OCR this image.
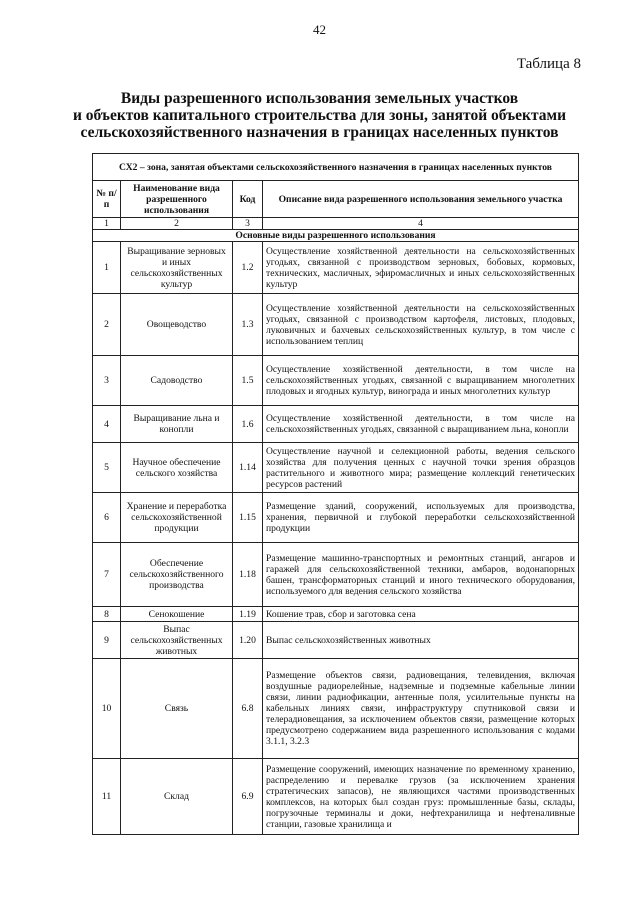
42
Таблица 8
Виды разрешенного использования земельных участков
и объектов капитального строительства для зоны, занятой объектами
сельскохозяйственного назначения в границах населенных пунктов
СХ2 – зона, занятая объектами сельскохозяйственного назначения в границах населенных пунктов			
№ п/п	Наименование вида разрешенного использования	Код	Описание вида разрешенного использования земельного участка
1	2	3	4
Основные виды разрешенного использования			
1	Выращивание зерновых и иных сельскохозяйственных культур	1.2	Осуществление хозяйственной деятельности на сельскохозяйственных угодьях, связанной с производством зерновых, бобовых, кормовых, технических, масличных, эфиромасличных и иных сельскохозяйственных культур
2	Овощеводство	1.3	Осуществление хозяйственной деятельности на сельскохозяйственных угодьях, связанной с производством картофеля, листовых, плодовых, луковичных и бахчевых сельскохозяйственных культур, в том числе с использованием теплиц
3	Садоводство	1.5	Осуществление хозяйственной деятельности, в том числе на сельскохозяйственных угодьях, связанной с выращиванием многолетних плодовых и ягодных культур, винограда и иных многолетних культур
4	Выращивание льна и конопли	1.6	Осуществление хозяйственной деятельности, в том числе на сельскохозяйственных угодьях, связанной с выращиванием льна, конопли
5	Научное обеспечение сельского хозяйства	1.14	Осуществление научной и селекционной работы, ведения сельского хозяйства для получения ценных с научной точки зрения образцов растительного и животного мира; размещение коллекций генетических ресурсов растений
6	Хранение и переработка сельскохозяйственной продукции	1.15	Размещение зданий, сооружений, используемых для производства, хранения, первичной и глубокой переработки сельскохозяйственной продукции
7	Обеспечение сельскохозяйственного производства	1.18	Размещение машинно-транспортных и ремонтных станций, ангаров и гаражей для сельскохозяйственной техники, амбаров, водонапорных башен, трансформаторных станций и иного технического оборудования, используемого для ведения сельского хозяйства
8	Сенокошение	1.19	Кошение трав, сбор и заготовка сена
9	Выпас сельскохозяйственных животных	1.20	Выпас сельскохозяйственных животных
10	Связь	6.8	Размещение объектов связи, радиовещания, телевидения, включая воздушные радиорелейные, надземные и подземные кабельные линии связи, линии радиофикации, антенные поля, усилительные пункты на кабельных линиях связи, инфраструктуру спутниковой связи и телерадиовещания, за исключением объектов связи, размещение которых предусмотрено содержанием вида разрешенного использования с кодами 3.1.1, 3.2.3
11	Склад	6.9	Размещение сооружений, имеющих назначение по временному хранению, распределению и перевалке грузов (за исключением хранения стратегических запасов), не являющихся частями производственных комплексов, на которых был создан груз: промышленные базы, склады, погрузочные терминалы и доки, нефтехранилища и нефтеналивные станции, газовые хранилища и
